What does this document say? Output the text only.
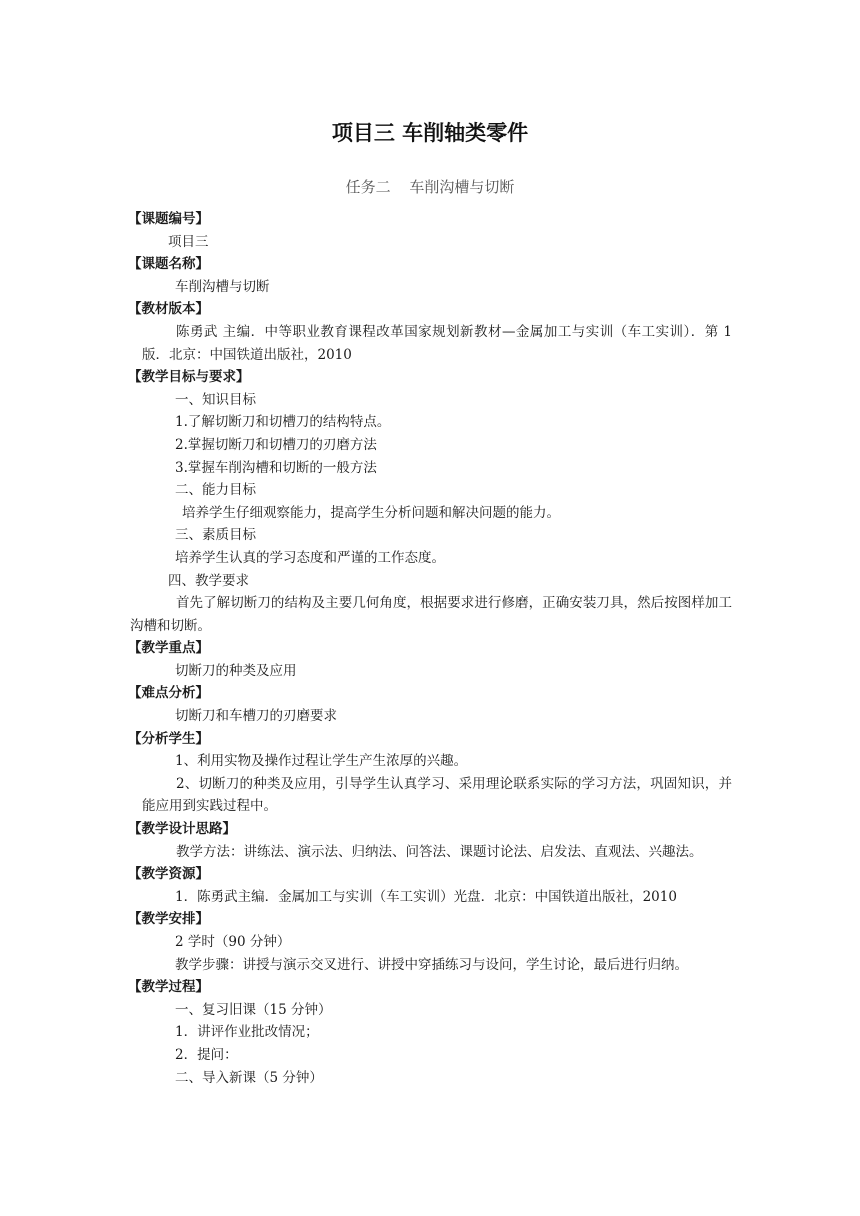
项目三 车削轴类零件
任务二 车削沟槽与切断
【课题编号】
项目三
【课题名称】
车削沟槽与切断
【教材版本】
陈勇武 主编．中等职业教育课程改革国家规划新教材—金属加工与实训（车工实训）．第 1 版．北京：中国铁道出版社，2010
【教学目标与要求】
一、知识目标
1.了解切断刀和切槽刀的结构特点。
2.掌握切断刀和切槽刀的刃磨方法
3.掌握车削沟槽和切断的一般方法
二、能力目标
培养学生仔细观察能力，提高学生分析问题和解决问题的能力。
三、素质目标
培养学生认真的学习态度和严谨的工作态度。
四、教学要求
首先了解切断刀的结构及主要几何角度，根据要求进行修磨，正确安装刀具，然后按图样加工沟槽和切断。
【教学重点】
切断刀的种类及应用
【难点分析】
切断刀和车槽刀的刃磨要求
【分析学生】
1、利用实物及操作过程让学生产生浓厚的兴趣。
2、切断刀的种类及应用，引导学生认真学习、采用理论联系实际的学习方法，巩固知识，并能应用到实践过程中。
【教学设计思路】
教学方法：讲练法、演示法、归纳法、问答法、课题讨论法、启发法、直观法、兴趣法。
【教学资源】
1．陈勇武主编．金属加工与实训（车工实训）光盘．北京：中国铁道出版社，2010
【教学安排】
2 学时（90 分钟）
教学步骤：讲授与演示交叉进行、讲授中穿插练习与设问，学生讨论，最后进行归纳。
【教学过程】
一、复习旧课（15 分钟）
1．讲评作业批改情况；
2．提问：
二、导入新课（5 分钟）
